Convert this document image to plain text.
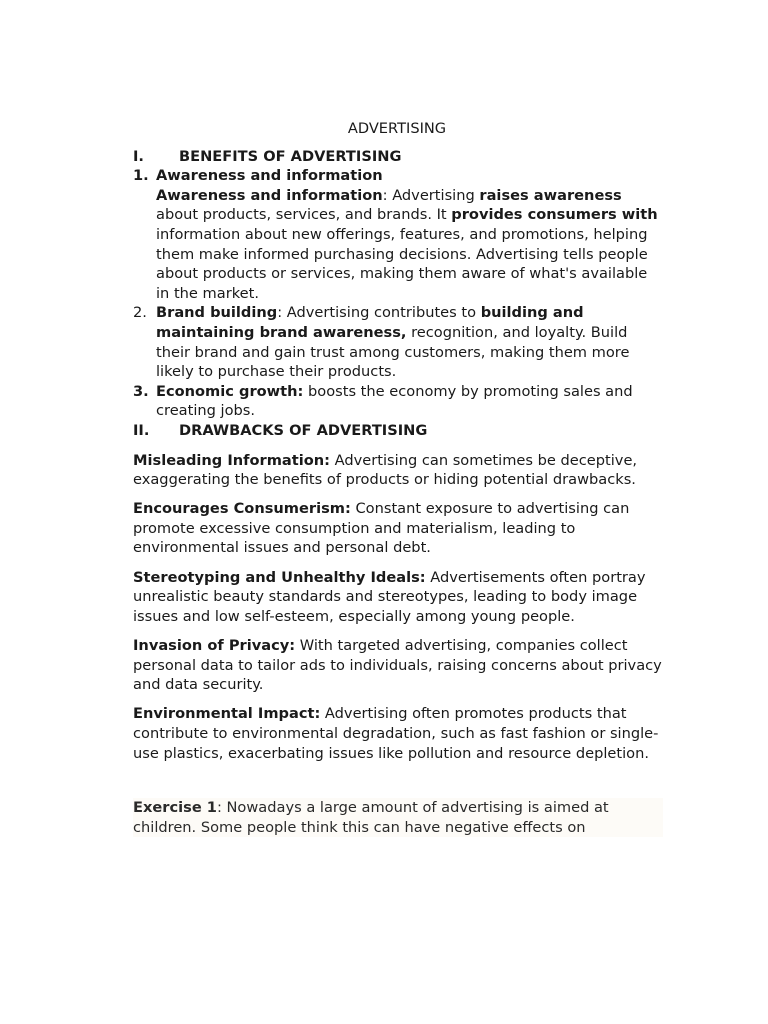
ADVERTISING
I.	BENEFITS OF ADVERTISING
1. Awareness and information
Awareness and information: Advertising raises awareness about products, services, and brands. It provides consumers with information about new offerings, features, and promotions, helping them make informed purchasing decisions. Advertising tells people about products or services, making them aware of what's available in the market.
2. Brand building: Advertising contributes to building and maintaining brand awareness, recognition, and loyalty. Build their brand and gain trust among customers, making them more likely to purchase their products.
3. Economic growth: boosts the economy by promoting sales and creating jobs.
II.	DRAWBACKS OF ADVERTISING

Misleading Information: Advertising can sometimes be deceptive, exaggerating the benefits of products or hiding potential drawbacks.

Encourages Consumerism: Constant exposure to advertising can promote excessive consumption and materialism, leading to environmental issues and personal debt.

Stereotyping and Unhealthy Ideals: Advertisements often portray unrealistic beauty standards and stereotypes, leading to body image issues and low self-esteem, especially among young people.

Invasion of Privacy: With targeted advertising, companies collect personal data to tailor ads to individuals, raising concerns about privacy and data security.

Environmental Impact: Advertising often promotes products that contribute to environmental degradation, such as fast fashion or single-use plastics, exacerbating issues like pollution and resource depletion.

Exercise 1: Nowadays a large amount of advertising is aimed at children. Some people think this can have negative effects on
